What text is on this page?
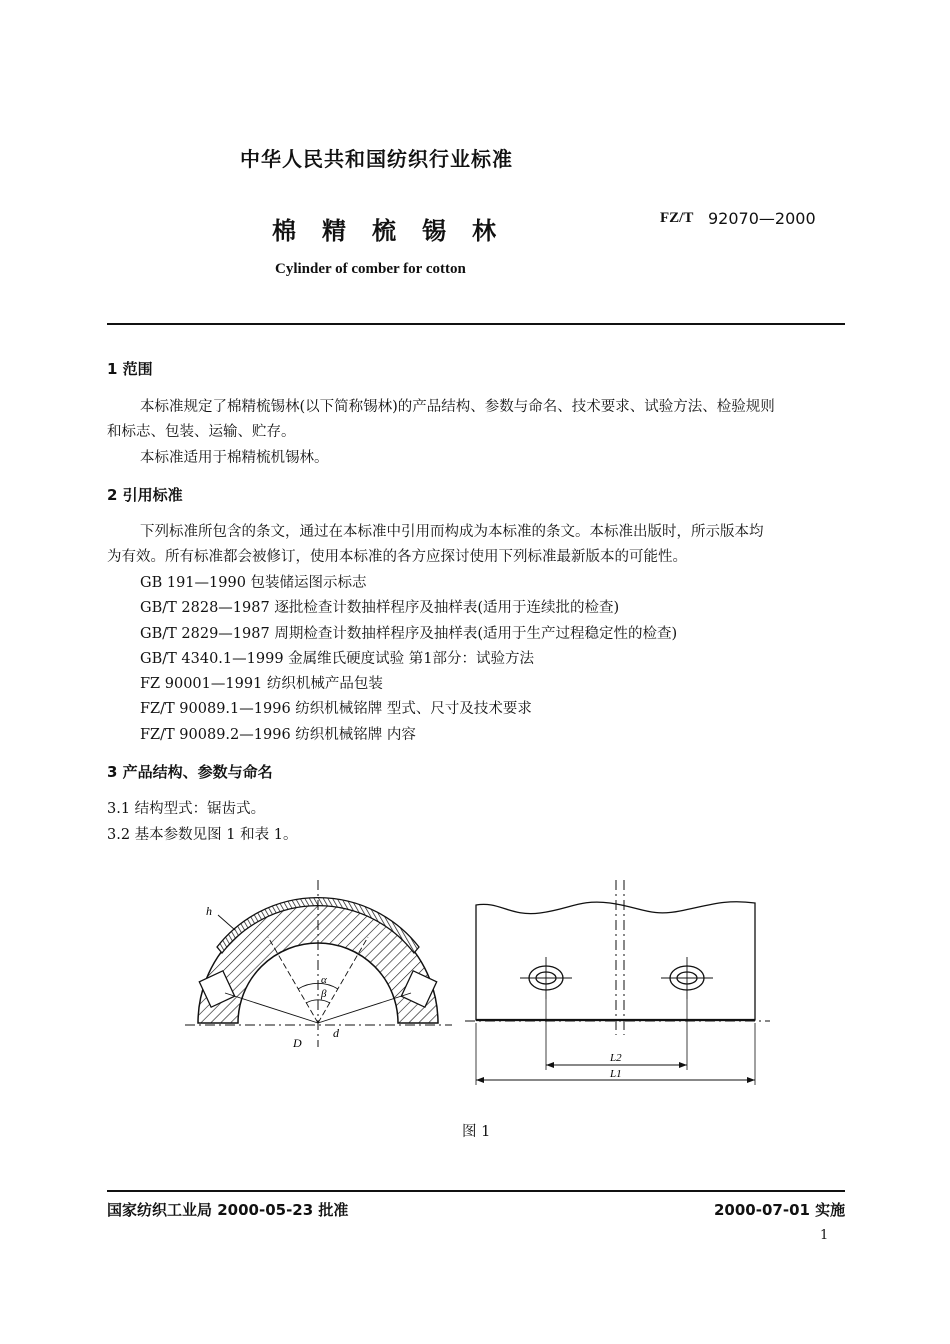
中华人民共和国纺织行业标准
棉精梳锡林	FZ/T 92070—2000
Cylinder of comber for cotton
1 范围
本标准规定了棉精梳锡林(以下简称锡林)的产品结构、参数与命名、技术要求、试验方法、检验规则
和标志、包装、运输、贮存。
本标准适用于棉精梳机锡林。
2 引用标准
下列标准所包含的条文，通过在本标准中引用而构成为本标准的条文。本标准出版时，所示版本均
为有效。所有标准都会被修订，使用本标准的各方应探讨使用下列标准最新版本的可能性。
GB 191—1990 包装储运图示标志
GB/T 2828—1987 逐批检查计数抽样程序及抽样表(适用于连续批的检查)
GB/T 2829—1987 周期检查计数抽样程序及抽样表(适用于生产过程稳定性的检查)
GB/T 4340.1—1999 金属维氏硬度试验 第1部分：试验方法
FZ 90001—1991 纺织机械产品包装
FZ/T 90089.1—1996 纺织机械铭牌 型式、尺寸及技术要求
FZ/T 90089.2—1996 纺织机械铭牌 内容
3 产品结构、参数与命名
3.1 结构型式：锯齿式。
3.2 基本参数见图 1 和表 1。
h
α
β
D
d
L2
L1
图 1
国家纺织工业局 2000-05-23 批准	2000-07-01 实施
1
